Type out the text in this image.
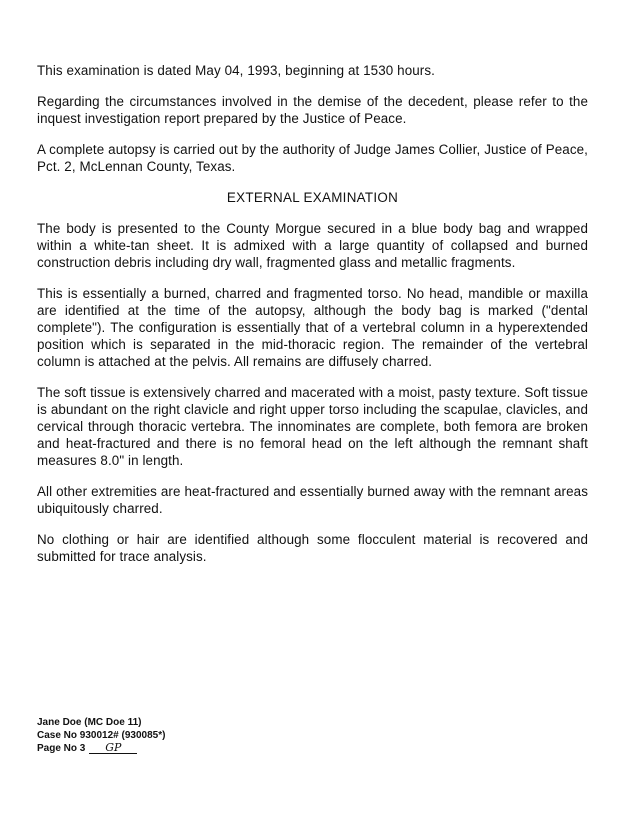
This examination is dated May 04, 1993, beginning at 1530 hours.

Regarding the circumstances involved in the demise of the decedent, please refer to the inquest investigation report prepared by the Justice of Peace.

A complete autopsy is carried out by the authority of Judge James Collier, Justice of Peace, Pct. 2, McLennan County, Texas.

EXTERNAL EXAMINATION

The body is presented to the County Morgue secured in a blue body bag and wrapped within a white-tan sheet. It is admixed with a large quantity of collapsed and burned construction debris including dry wall, fragmented glass and metallic fragments.

This is essentially a burned, charred and fragmented torso. No head, mandible or maxilla are identified at the time of the autopsy, although the body bag is marked ("dental complete"). The configuration is essentially that of a vertebral column in a hyperextended position which is separated in the mid-thoracic region. The remainder of the vertebral column is attached at the pelvis. All remains are diffusely charred.

The soft tissue is extensively charred and macerated with a moist, pasty texture. Soft tissue is abundant on the right clavicle and right upper torso including the scapulae, clavicles, and cervical through thoracic vertebra. The innominates are complete, both femora are broken and heat-fractured and there is no femoral head on the left although the remnant shaft measures 8.0" in length.

All other extremities are heat-fractured and essentially burned away with the remnant areas ubiquitously charred.

No clothing or hair are identified although some flocculent material is recovered and submitted for trace analysis.

Jane Doe (MC Doe 11)
Case No 930012# (930085*)
Page No 3 GP
